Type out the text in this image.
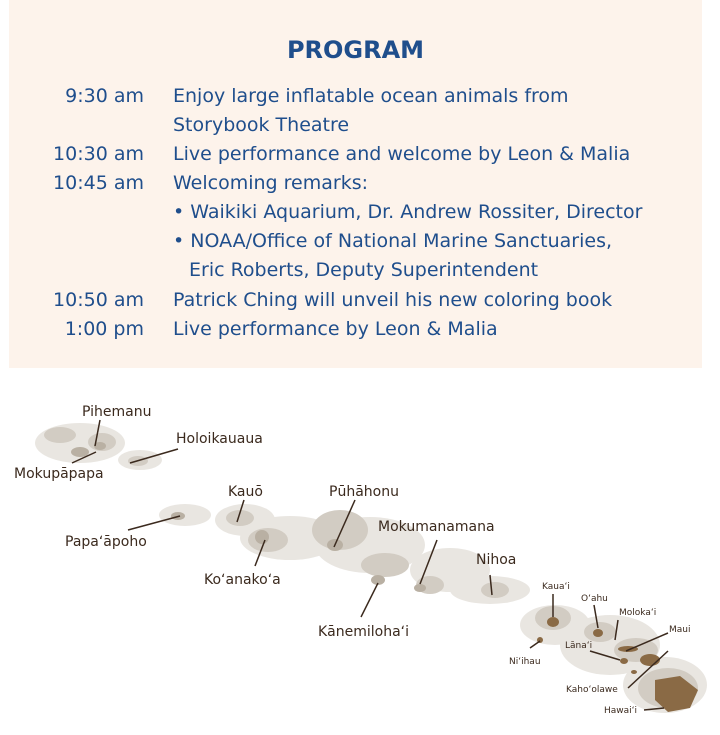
PROGRAM
9:30 am Enjoy large inflatable ocean animals from
Storybook Theatre
10:30 am Live performance and welcome by Leon & Malia
10:45 am Welcoming remarks:
• Waikiki Aquarium, Dr. Andrew Rossiter, Director
• NOAA/Office of National Marine Sanctuaries,
Eric Roberts, Deputy Superintendent
10:50 am Patrick Ching will unveil his new coloring book
1:00 pm Live performance by Leon & Malia
Pihemanu
Holoikauaua
Mokupāpapa
Kauō	Pūhāhonu
Papaʻāpoho
Mokumanamana
Koʻanakoʻa
Nihoa
Kānemilohaʻi
Kauaʻi
Oʻahu
Molokaʻi
Maui
Niʻihau
Lānaʻi
Kahoʻolawe
Hawaiʻi
